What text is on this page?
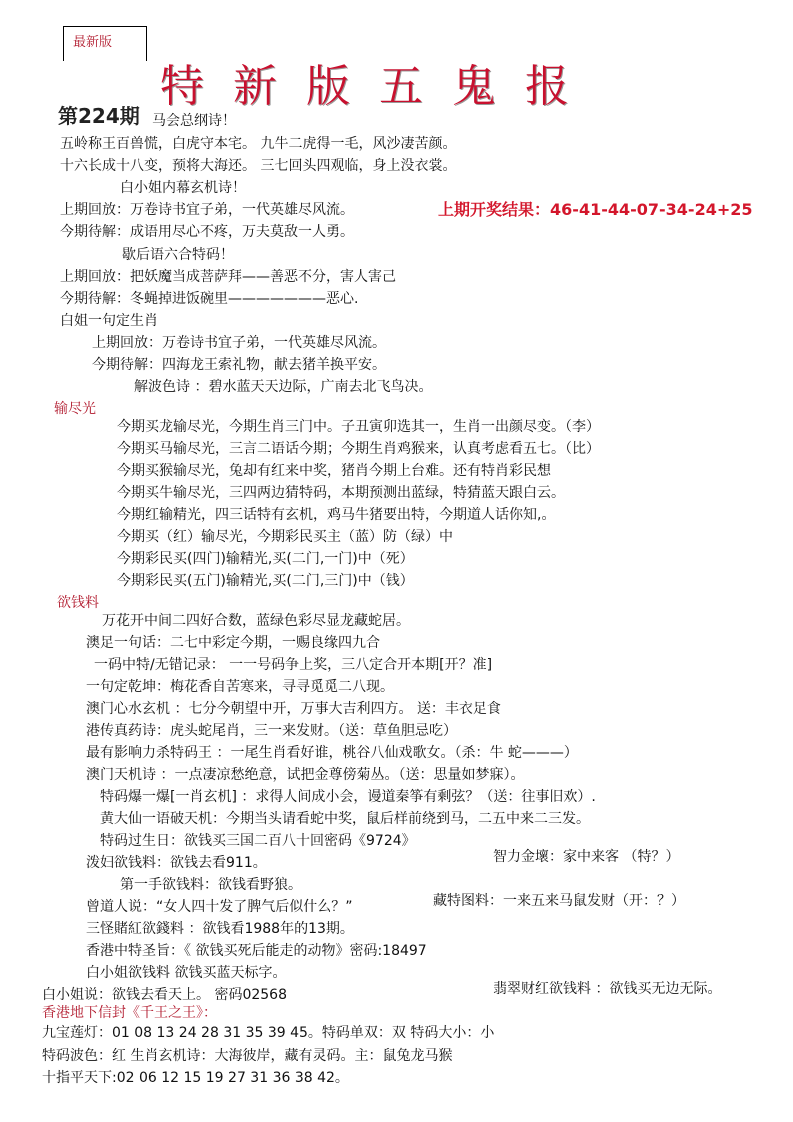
最新版
特新版五鬼报
第224期
上期开奖结果：46-41-44-07-34-24+25
马会总纲诗！
五岭称王百兽慌，白虎守本宅。 九牛二虎得一毛，风沙凄苦颜。
十六长成十八变，预将大海还。 三七回头四观临，身上没衣裳。
白小姐内幕玄机诗！
上期回放：万卷诗书宜子弟，一代英雄尽风流。
今期待解：成语用尽心不疼，万夫莫敌一人勇。
歇后语六合特码！
上期回放：把妖魔当成菩萨拜——善恶不分，害人害己
今期待解：冬蝇掉进饭碗里———————恶心.
白姐一句定生肖
上期回放：万卷诗书宜子弟，一代英雄尽风流。
今期待解：四海龙王索礼物，献去猪羊换平安。
解波色诗 ：碧水蓝天天边际，广南去北飞鸟决。
输尽光
今期买龙输尽光，今期生肖三门中。子丑寅卯选其一，生肖一出颜尽变。（李）
今期买马输尽光，三言二语话今期；今期生肖鸡猴来，认真考虑看五七。（比）
今期买猴输尽光，兔却有红来中奖，猪肖今期上台难。还有特肖彩民想
今期买牛输尽光，三四两边猜特码，本期预测出蓝绿，特猜蓝天跟白云。
今期红输精光，四三话特有玄机，鸡马牛猪要出特，今期道人话你知,。
今期买（红）输尽光，今期彩民买主（蓝）防（绿）中
今期彩民买(四门)输精光,买(二门,一门)中（死）
今期彩民买(五门)输精光,买(二门,三门)中（钱）
欲钱料
万花开中间二四好合数，蓝绿色彩尽显龙藏蛇居。
澳足一句话：二七中彩定今期，一赐良缘四九合
一码中特/无错记录： 一一号码争上奖，三八定合开本期[开？准]
一句定乾坤：梅花香自苦寒来，寻寻觅觅二八现。
澳门心水玄机 ：七分今朝望中开，万事大吉利四方。 送：丰衣足食
港传真药诗：虎头蛇尾肖，三一来发财。（送：草鱼胆忌吃）
最有影响力杀特码王 ：一尾生肖看好谁，桃谷八仙戏歌女。（杀：牛 蛇———）
澳门天机诗 ：一点凄凉愁绝意，试把金尊傍菊丛。（送：思量如梦寐）。
特码爆一爆[一肖玄机] ：求得人间成小会，谩道秦筝有剩弦？（送：往事旧欢）.
黄大仙一语破天机：今期当头请看蛇中奖，鼠后样前绕到马，二五中来二三发。
特码过生日：欲钱买三国二百八十回密码《9724》
泼妇欲钱料：欲钱去看911。
第一手欲钱料：欲钱看野狼。
曾道人说：“女人四十发了脾气后似什么？”
三怪賭紅欲錢料 ：欲钱看1988年的13期。
香港中特圣旨：《 欲钱买死后能走的动物》密码:18497
白小姐欲钱料 欲钱买蓝天标字。
白小姐说：欲钱去看天上。 密码02568
智力金壞：家中来客 （特？）
藏特图料：一来五来马鼠发财（开：？）
翡翠财红欲钱料 ：欲钱买无边无际。
香港地下信封《千王之王》：
九宝莲灯：01 08 13 24 28 31 35 39 45。特码单双：双 特码大小：小
特码波色：红 生肖玄机诗：大海彼岸，藏有灵码。主：鼠兔龙马猴
十指平天下:02 06 12 15 19 27 31 36 38 42。
